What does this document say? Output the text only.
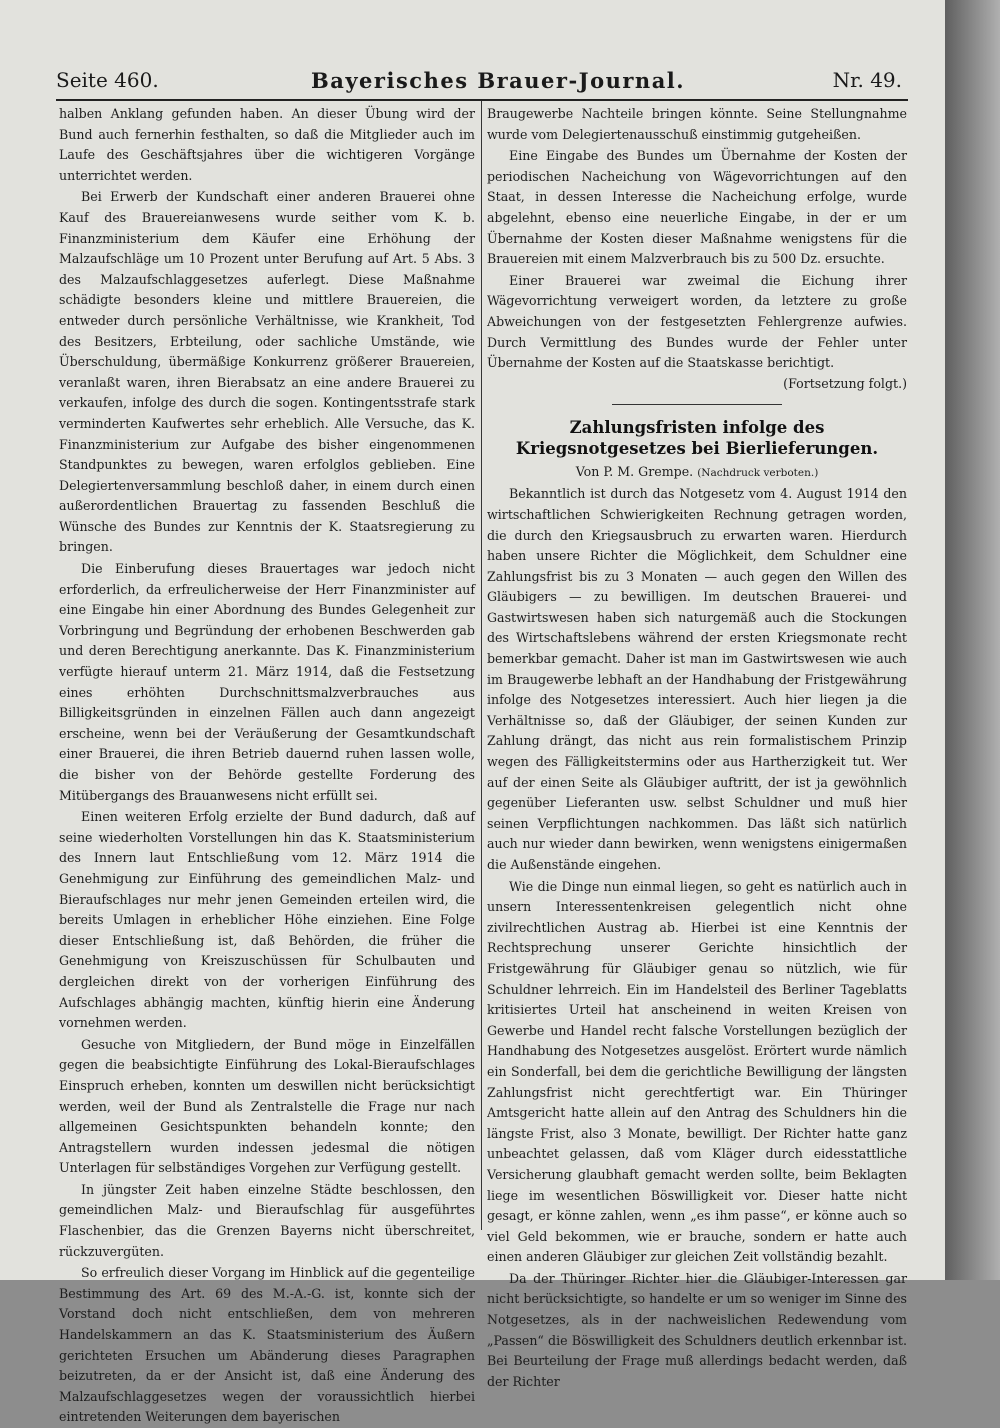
Seite 460.	Bayerisches Brauer-Journal.	Nr. 49.

halben Anklang gefunden haben. An dieser Übung wird der Bund auch fernerhin festhalten, so daß die Mitglieder auch im Laufe des Geschäftsjahres über die wichtigeren Vorgänge unterrichtet werden.

Bei Erwerb der Kundschaft einer anderen Brauerei ohne Kauf des Brauereianwesens wurde seither vom K. b. Finanzministerium dem Käufer eine Erhöhung der Malzaufschläge um 10 Prozent unter Berufung auf Art. 5 Abs. 3 des Malzaufschlaggesetzes auferlegt. Diese Maßnahme schädigte besonders kleine und mittlere Brauereien, die entweder durch persönliche Verhältnisse, wie Krankheit, Tod des Besitzers, Erbteilung, oder sachliche Umstände, wie Überschuldung, übermäßige Konkurrenz größerer Brauereien, veranlaßt waren, ihren Bierabsatz an eine andere Brauerei zu verkaufen, infolge des durch die sogen. Kontingentsstrafe stark verminderten Kaufwertes sehr erheblich. Alle Versuche, das K. Finanzministerium zur Aufgabe des bisher eingenommenen Standpunktes zu bewegen, waren erfolglos geblieben. Eine Delegiertenversammlung beschloß daher, in einem durch einen außerordentlichen Brauertag zu fassenden Beschluß die Wünsche des Bundes zur Kenntnis der K. Staatsregierung zu bringen.

Die Einberufung dieses Brauertages war jedoch nicht erforderlich, da erfreulicherweise der Herr Finanzminister auf eine Eingabe hin einer Abordnung des Bundes Gelegenheit zur Vorbringung und Begründung der erhobenen Beschwerden gab und deren Berechtigung anerkannte. Das K. Finanzministerium verfügte hierauf unterm 21. März 1914, daß die Festsetzung eines erhöhten Durchschnittsmalzverbrauches aus Billigkeitsgründen in einzelnen Fällen auch dann angezeigt erscheine, wenn bei der Veräußerung der Gesamtkundschaft einer Brauerei, die ihren Betrieb dauernd ruhen lassen wolle, die bisher von der Behörde gestellte Forderung des Mitübergangs des Brauanwesens nicht erfüllt sei.

Einen weiteren Erfolg erzielte der Bund dadurch, daß auf seine wiederholten Vorstellungen hin das K. Staatsministerium des Innern laut Entschließung vom 12. März 1914 die Genehmigung zur Einführung des gemeindlichen Malz- und Bieraufschlages nur mehr jenen Gemeinden erteilen wird, die bereits Umlagen in erheblicher Höhe einziehen. Eine Folge dieser Entschließung ist, daß Behörden, die früher die Genehmigung von Kreiszuschüssen für Schulbauten und dergleichen direkt von der vorherigen Einführung des Aufschlages abhängig machten, künftig hierin eine Änderung vornehmen werden.

Gesuche von Mitgliedern, der Bund möge in Einzelfällen gegen die beabsichtigte Einführung des Lokal-Bieraufschlages Einspruch erheben, konnten um deswillen nicht berücksichtigt werden, weil der Bund als Zentralstelle die Frage nur nach allgemeinen Gesichtspunkten behandeln konnte; den Antragstellern wurden indessen jedesmal die nötigen Unterlagen für selbständiges Vorgehen zur Verfügung gestellt.

In jüngster Zeit haben einzelne Städte beschlossen, den gemeindlichen Malz- und Bieraufschlag für ausgeführtes Flaschenbier, das die Grenzen Bayerns nicht überschreitet, rückzuvergüten.

So erfreulich dieser Vorgang im Hinblick auf die gegenteilige Bestimmung des Art. 69 des M.-A.-G. ist, konnte sich der Vorstand doch nicht entschließen, dem von mehreren Handelskammern an das K. Staatsministerium des Äußern gerichteten Ersuchen um Abänderung dieses Paragraphen beizutreten, da er der Ansicht ist, daß eine Änderung des Malzaufschlaggesetzes wegen der voraussichtlich hierbei eintretenden Weiterungen dem bayerischen

Braugewerbe Nachteile bringen könnte. Seine Stellungnahme wurde vom Delegiertenausschuß einstimmig gutgeheißen.

Eine Eingabe des Bundes um Übernahme der Kosten der periodischen Nacheichung von Wägevorrichtungen auf den Staat, in dessen Interesse die Nacheichung erfolge, wurde abgelehnt, ebenso eine neuerliche Eingabe, in der er um Übernahme der Kosten dieser Maßnahme wenigstens für die Brauereien mit einem Malzverbrauch bis zu 500 Dz. ersuchte.

Einer Brauerei war zweimal die Eichung ihrer Wägevorrichtung verweigert worden, da letztere zu große Abweichungen von der festgesetzten Fehlergrenze aufwies. Durch Vermittlung des Bundes wurde der Fehler unter Übernahme der Kosten auf die Staatskasse berichtigt.

(Fortsetzung folgt.)

Zahlungsfristen infolge des Kriegsnotgesetzes bei Bierlieferungen.
Von P. M. Grempe. (Nachdruck verboten.)

Bekanntlich ist durch das Notgesetz vom 4. August 1914 den wirtschaftlichen Schwierigkeiten Rechnung getragen worden, die durch den Kriegsausbruch zu erwarten waren. Hierdurch haben unsere Richter die Möglichkeit, dem Schuldner eine Zahlungsfrist bis zu 3 Monaten — auch gegen den Willen des Gläubigers — zu bewilligen. Im deutschen Brauerei- und Gastwirtswesen haben sich naturgemäß auch die Stockungen des Wirtschaftslebens während der ersten Kriegsmonate recht bemerkbar gemacht. Daher ist man im Gastwirtswesen wie auch im Braugewerbe lebhaft an der Handhabung der Fristgewährung infolge des Notgesetzes interessiert. Auch hier liegen ja die Verhältnisse so, daß der Gläubiger, der seinen Kunden zur Zahlung drängt, das nicht aus rein formalistischem Prinzip wegen des Fälligkeitstermins oder aus Hartherzigkeit tut. Wer auf der einen Seite als Gläubiger auftritt, der ist ja gewöhnlich gegenüber Lieferanten usw. selbst Schuldner und muß hier seinen Verpflichtungen nachkommen. Das läßt sich natürlich auch nur wieder dann bewirken, wenn wenigstens einigermaßen die Außenstände eingehen.

Wie die Dinge nun einmal liegen, so geht es natürlich auch in unsern Interessentenkreisen gelegentlich nicht ohne zivilrechtlichen Austrag ab. Hierbei ist eine Kenntnis der Rechtsprechung unserer Gerichte hinsichtlich der Fristgewährung für Gläubiger genau so nützlich, wie für Schuldner lehrreich. Ein im Handelsteil des Berliner Tageblatts kritisiertes Urteil hat anscheinend in weiten Kreisen von Gewerbe und Handel recht falsche Vorstellungen bezüglich der Handhabung des Notgesetzes ausgelöst. Erörtert wurde nämlich ein Sonderfall, bei dem die gerichtliche Bewilligung der längsten Zahlungsfrist nicht gerechtfertigt war. Ein Thüringer Amtsgericht hatte allein auf den Antrag des Schuldners hin die längste Frist, also 3 Monate, bewilligt. Der Richter hatte ganz unbeachtet gelassen, daß vom Kläger durch eidesstattliche Versicherung glaubhaft gemacht werden sollte, beim Beklagten liege im wesentlichen Böswilligkeit vor. Dieser hatte nicht gesagt, er könne zahlen, wenn „es ihm passe“, er könne auch so viel Geld bekommen, wie er brauche, sondern er hatte auch einen anderen Gläubiger zur gleichen Zeit vollständig bezahlt.

Da der Thüringer Richter hier die Gläubiger-Interessen gar nicht berücksichtigte, so handelte er um so weniger im Sinne des Notgesetzes, als in der nachweislichen Redewendung vom „Passen“ die Böswilligkeit des Schuldners deutlich erkennbar ist. Bei Beurteilung der Frage muß allerdings bedacht werden, daß der Richter
